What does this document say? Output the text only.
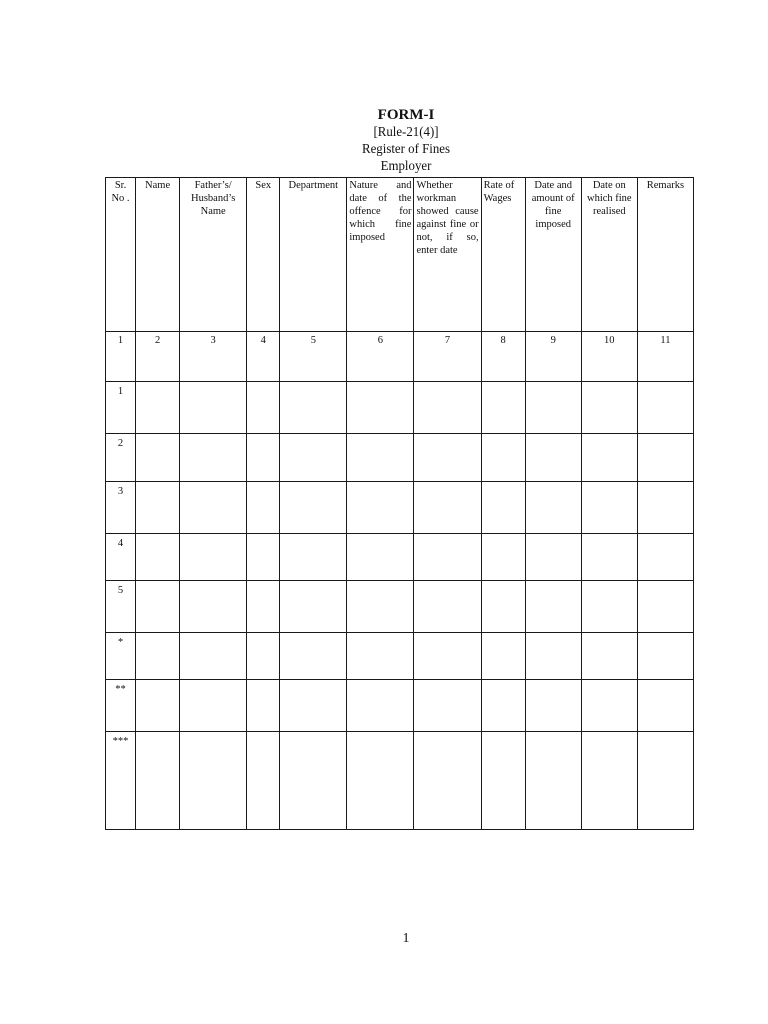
FORM-I
[Rule-21(4)]
Register of Fines
Employer
Sr. No .	Name	Father’s/ Husband’s Name	Sex	Department	Nature and date of the offence for which fine imposed	Whether workman showed cause against fine or not, if so, enter date	Rate of Wages	Date and amount of fine imposed	Date on which fine realised	Remarks
1	2	3	4	5	6	7	8	9	10	11
1										
2										
3										
4										
5										
*										
**										
***										
1
